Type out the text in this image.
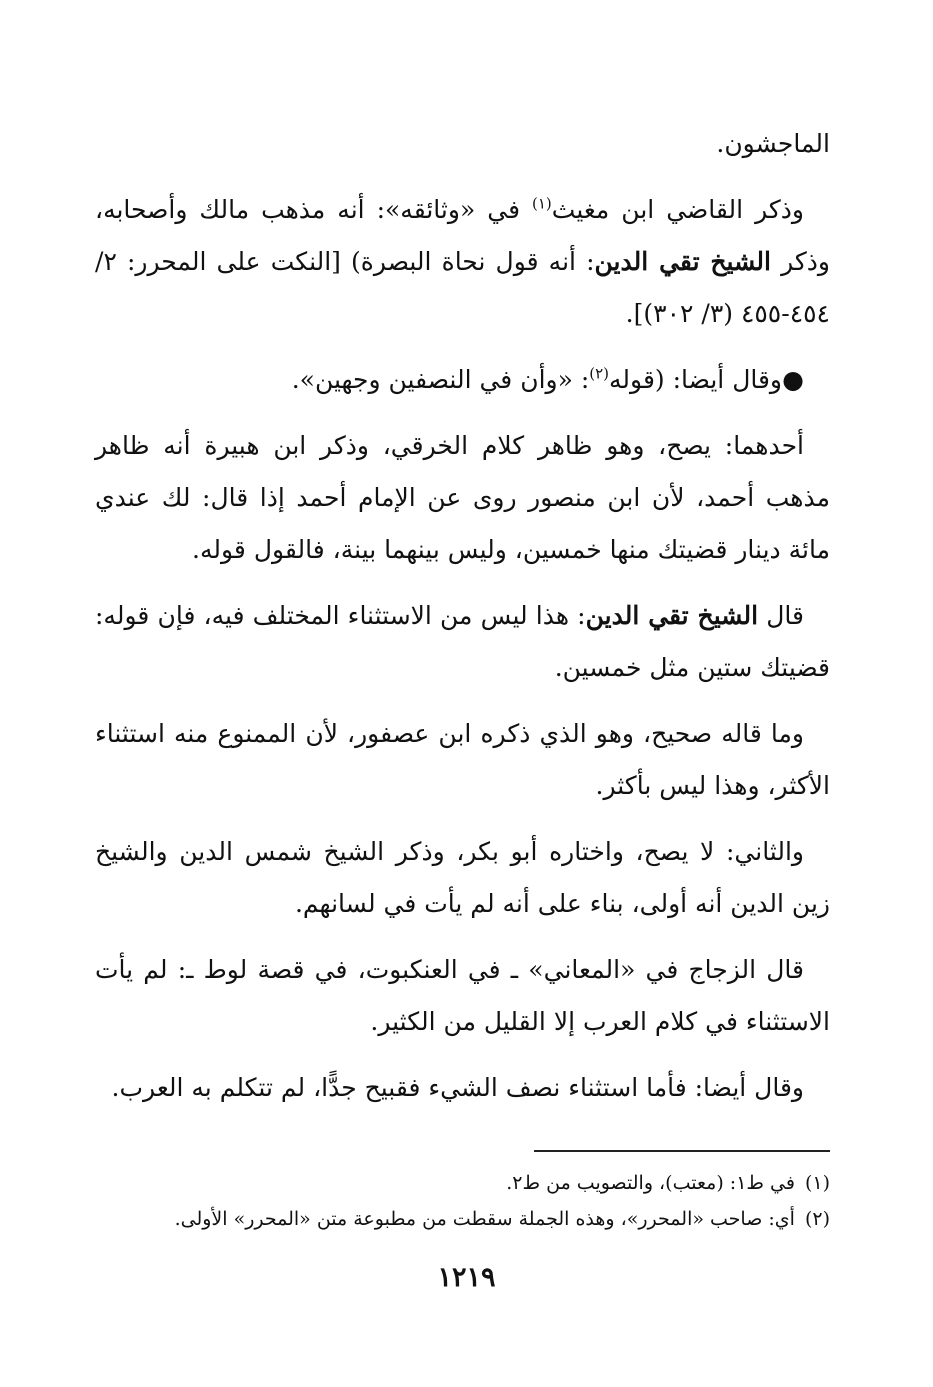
الماجشون.

وذكر القاضي ابن مغيث$^{(١)}$ في «وثائقه»: أنه مذهب مالك وأصحابه، وذكر الشيخ تقي الدين: أنه قول نحاة البصرة) [النكت على المحرر: ٢/ ٤٥٤-٤٥٥ (٣/ ٣٠٢)].

●وقال أيضا: (قوله$^{(٢)}$: «وأن في النصفين وجهين».

أحدهما: يصح، وهو ظاهر كلام الخرقي، وذكر ابن هبيرة أنه ظاهر مذهب أحمد، لأن ابن منصور روى عن الإمام أحمد إذا قال: لك عندي مائة دينار قضيتك منها خمسين، وليس بينهما بينة، فالقول قوله.

قال الشيخ تقي الدين: هذا ليس من الاستثناء المختلف فيه، فإن قوله: قضيتك ستين مثل خمسين.

وما قاله صحيح، وهو الذي ذكره ابن عصفور، لأن الممنوع منه استثناء الأكثر، وهذا ليس بأكثر.

والثاني: لا يصح، واختاره أبو بكر، وذكر الشيخ شمس الدين والشيخ زين الدين أنه أولى، بناء على أنه لم يأت في لسانهم.

قال الزجاج في «المعاني» ـ في العنكبوت، في قصة لوط ـ: لم يأت الاستثناء في كلام العرب إلا القليل من الكثير.

وقال أيضا: فأما استثناء نصف الشيء فقبيح جدًّا، لم تتكلم به العرب.

(١)في ط١: (معتب)، والتصويب من ط٢.

(٢)أي: صاحب «المحرر»، وهذه الجملة سقطت من مطبوعة متن «المحرر» الأولى.

١٢١٩
